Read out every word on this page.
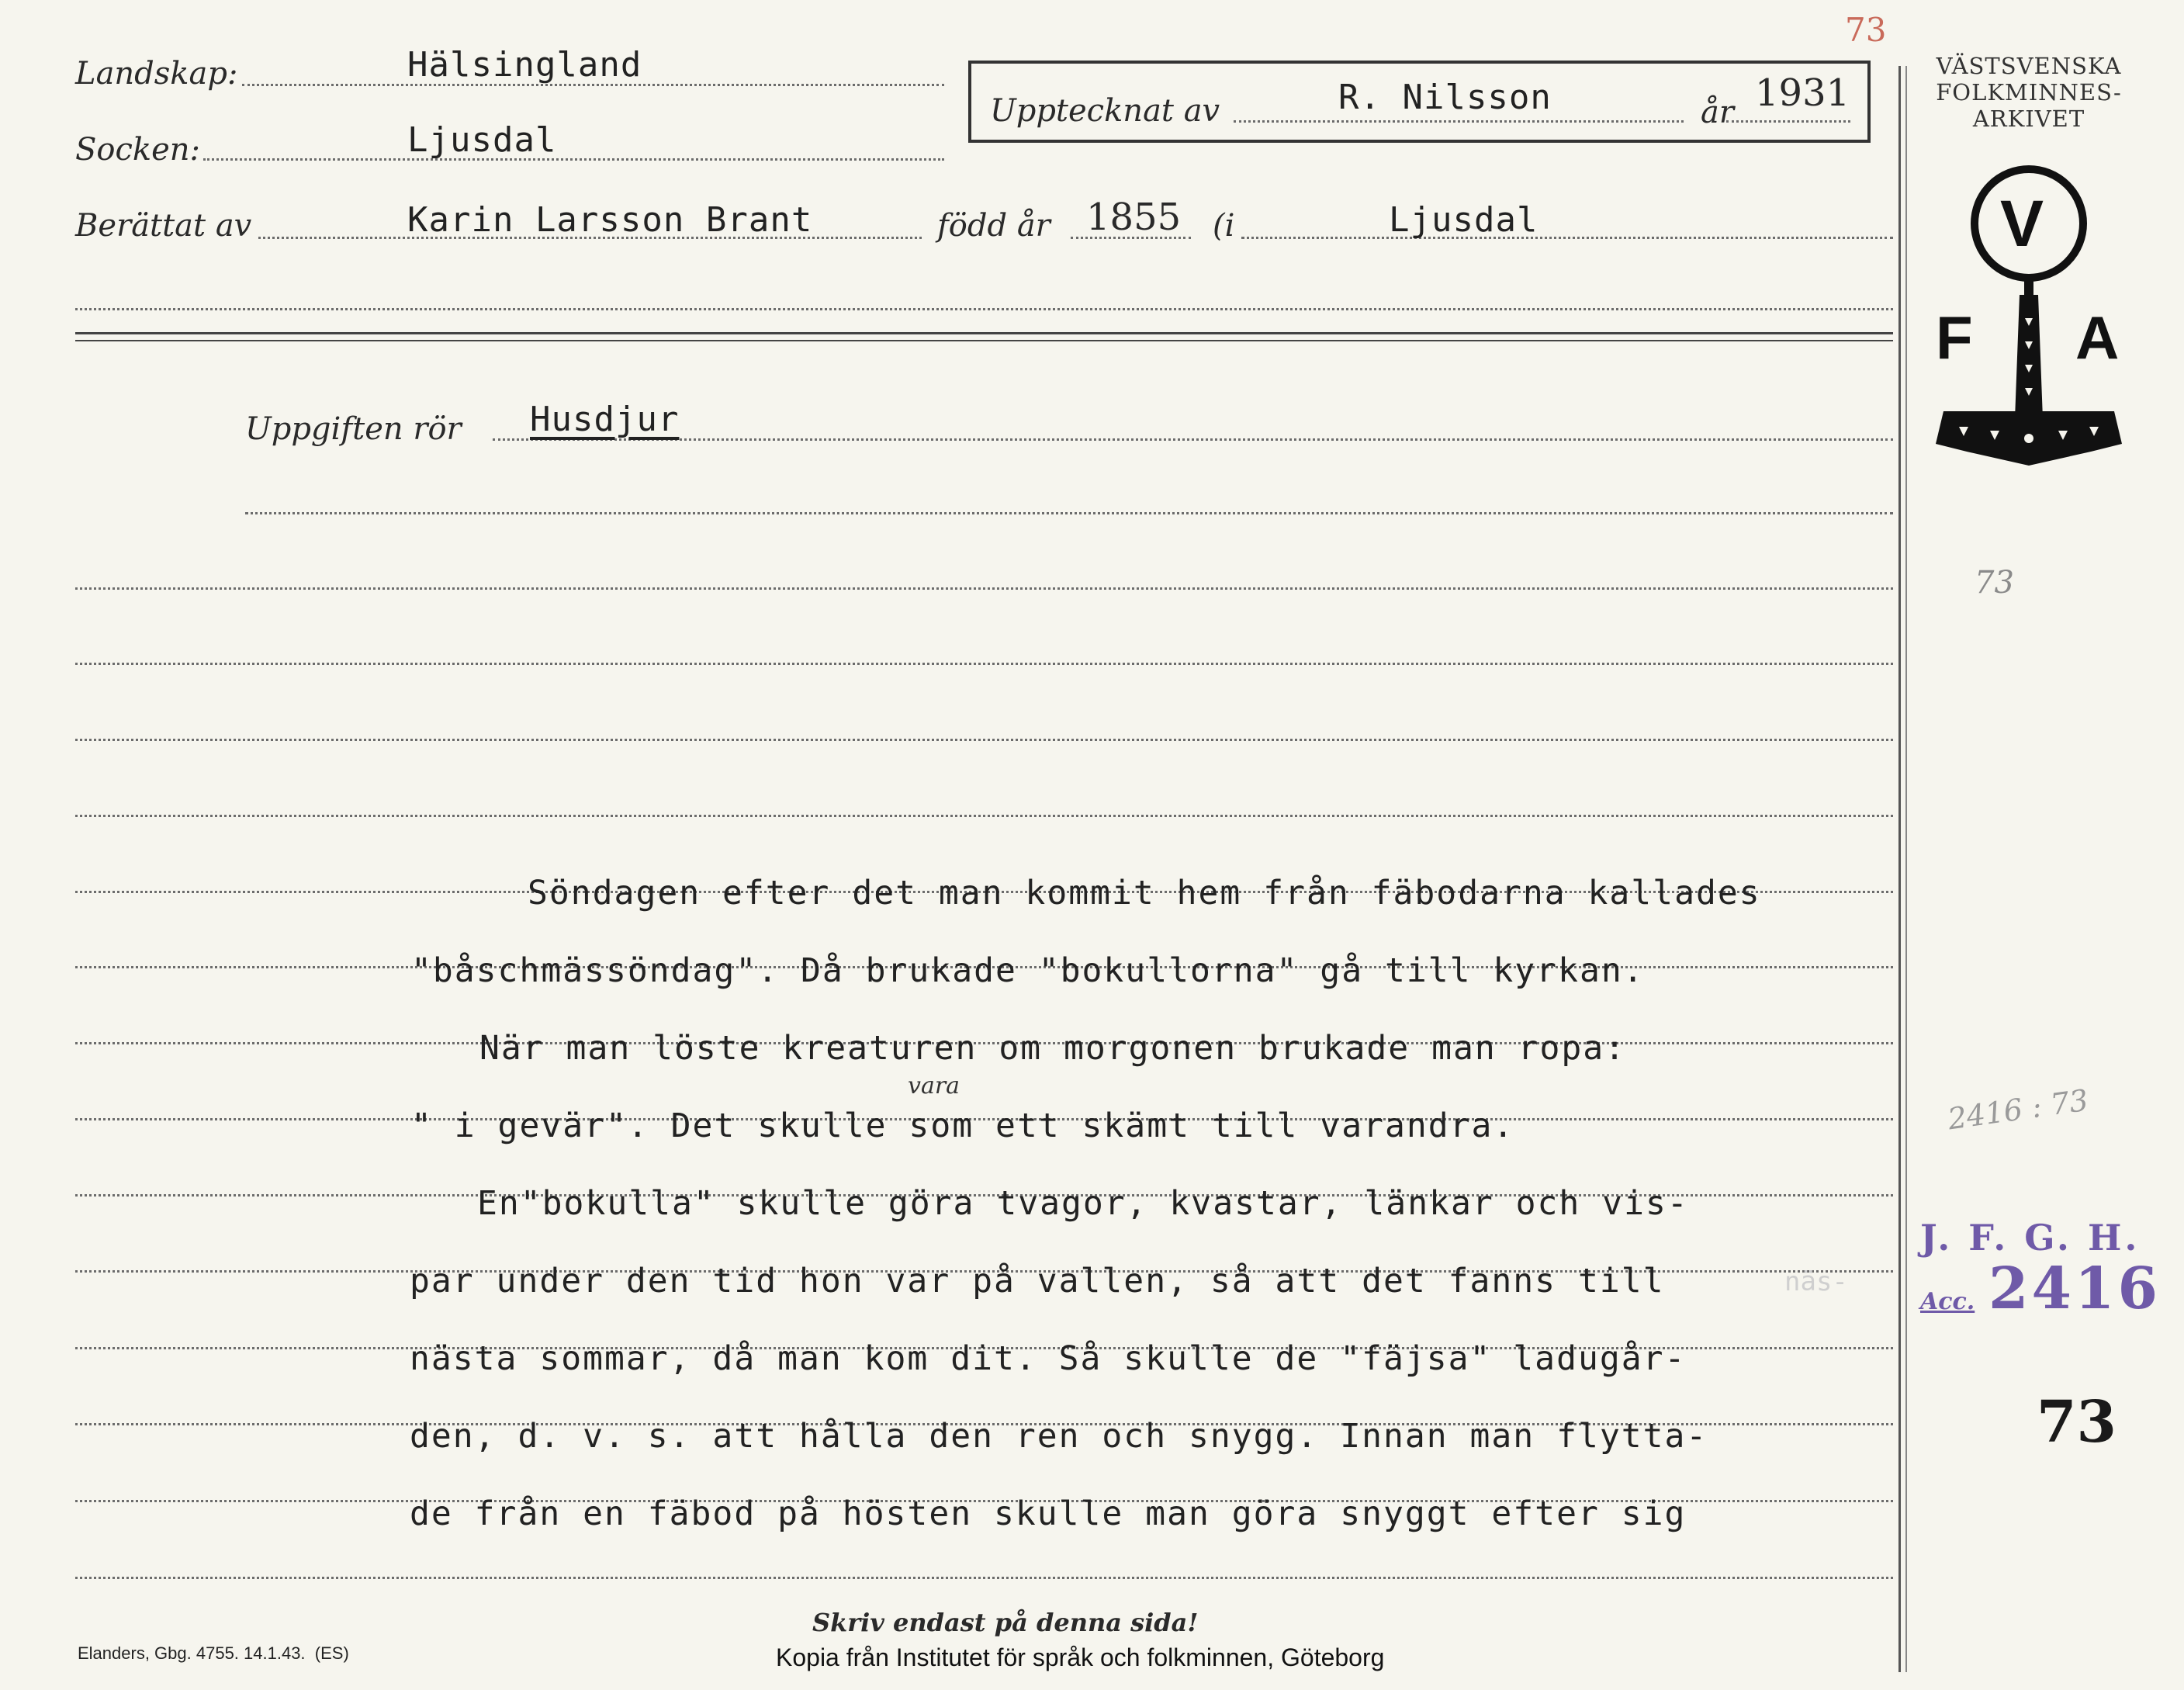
Landskap:	Hälsingland
Socken:	Ljusdal
Upptecknat av	R. Nilsson	år 1931
Berättat av	Karin Larsson Brant	född år 1855 (i	Ljusdal
Uppgiften rör Husdjur
Söndagen efter det man kommit hem från fäbodarna kallades
"båschmässöndag". Då brukade "bokullorna" gå till kyrkan.
När man löste kreaturen om morgonen brukade man ropa:
vara
" i gevär". Det skulle som ett skämt till varandra.
En"bokulla" skulle göra tvagor, kvastar, länkar och vis-
par under den tid hon var på vallen, så att det fanns till	näs-
nästa sommar, då man kom dit. Så skulle de "fäjsa" ladugår-
den, d. v. s. att hålla den ren och snygg. Innan man flytta-
de från en fäbod på hösten skulle man göra snyggt efter sig
VÄSTSVENSKA
FOLKMINNES-
ARKIVET
V
F A
73
73
2416 : 73
J. F. G. H.
Acc. 2416
73
Skriv endast på denna sida!
Elanders, Gbg. 4755. 14.1.43.  (ES)	Kopia från Institutet för språk och folkminnen, Göteborg
